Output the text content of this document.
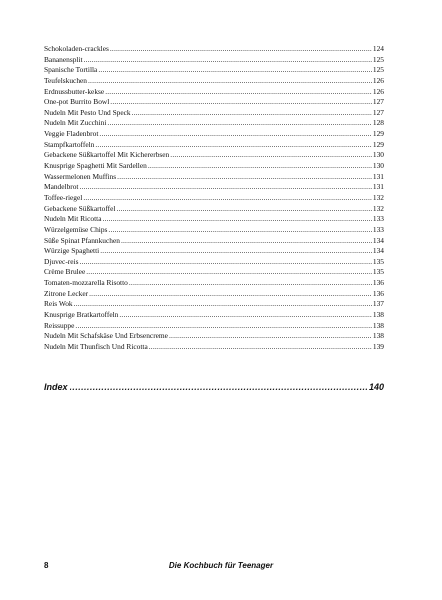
Schokoladen-crackles .....	124
Bananensplit .....	125
Spanische Tortilla .....	125
Teufelskuchen .....	126
Erdnussbutter-kekse .....	126
One-pot Burrito Bowl .....	127
Nudeln Mit Pesto Und Speck .....	127
Nudeln Mit Zucchini .....	128
Veggie Fladenbrot .....	129
Stampfkartoffeln .....	129
Gebackene Süßkartoffel Mit Kichererbsen .....	130
Knusprige Spaghetti Mit Sardellen .....	130
Wassermelonen Muffins .....	131
Mandelbrot .....	131
Toffee-riegel .....	132
Gebackene Süßkartoffel .....	132
Nudeln Mit Ricotta .....	133
Würzelgemüse Chips .....	133
Süße Spinat Pfannkuchen .....	134
Würzige Spaghetti .....	134
Djuvec-reis .....	135
Crème Brulee .....	135
Tomaten-mozzarella Risotto .....	136
Zitrone Lecker .....	136
Reis Wok .....	137
Knusprige Bratkartoffeln .....	138
Reissuppe .....	138
Nudeln Mit Schafskäse Und Erbsencreme .....	138
Nudeln Mit Thunfisch Und Ricotta .....	139
Index .....	140
8	Die Kochbuch für Teenager
